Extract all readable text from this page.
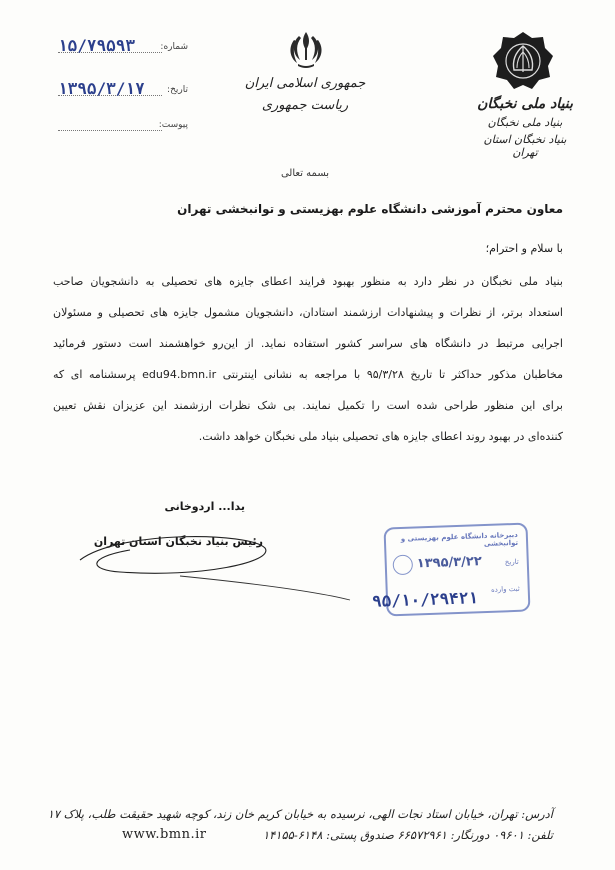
شماره:
۱۵/۷۹۵۹۳
تاریخ:
۱۳۹۵/۳/۱۷
پیوست:
جمهوری اسلامی ایران
ریاست جمهوری	بنیاد ملی نخبگان
بنیاد ملی نخبگان
بنیاد نخبگان استان تهران
بسمه تعالی
معاون محترم آموزشی دانشگاه علوم بهزیستی و توانبخشی تهران
با سلام و احترام؛
بنیاد ملی نخبگان در نظر دارد به منظور بهبود فرایند اعطای جایزه های تحصیلی به دانشجویان صاحب
استعداد برتر، از نظرات و پیشنهادات ارزشمند استادان، دانشجویان مشمول جایزه های تحصیلی و مسئولان
اجرایی مرتبط در دانشگاه های سراسر کشور استفاده نماید. از این‌رو خواهشمند است دستور فرمائید
مخاطبان مذکور حداکثر تا تاریخ ۹۵/۳/۲۸ با مراجعه به نشانی اینترنتی edu94.bmn.ir پرسشنامه ای که
برای این منظور طراحی شده است را تکمیل نمایند. بی شک نظرات ارزشمند این عزیزان نقش تعیین
کننده‌ای در بهبود روند اعطای جایزه های تحصیلی بنیاد ملی نخبگان خواهد داشت.
یدا... اردوخانی
رئیس بنیاد نخبگان استان تهران	دبیرخانه دانشگاه علوم بهزیستی و توانبخشی
تاریخ
۱۳۹۵/۳/۲۲
ثبت وارده
۹۵/۱۰/۲۹۴۲۱
آدرس: تهران، خیابان استاد نجات الهی، نرسیده به خیابان کریم خان زند، کوچه شهید حقیقت طلب، پلاک ۱۷
تلفن: ۰۹۶۰۱ دورنگار: ۶۶۵۷۲۹۶۱ صندوق پستی: ۶۱۴۸-۱۴۱۵۵
www.bmn.ir
